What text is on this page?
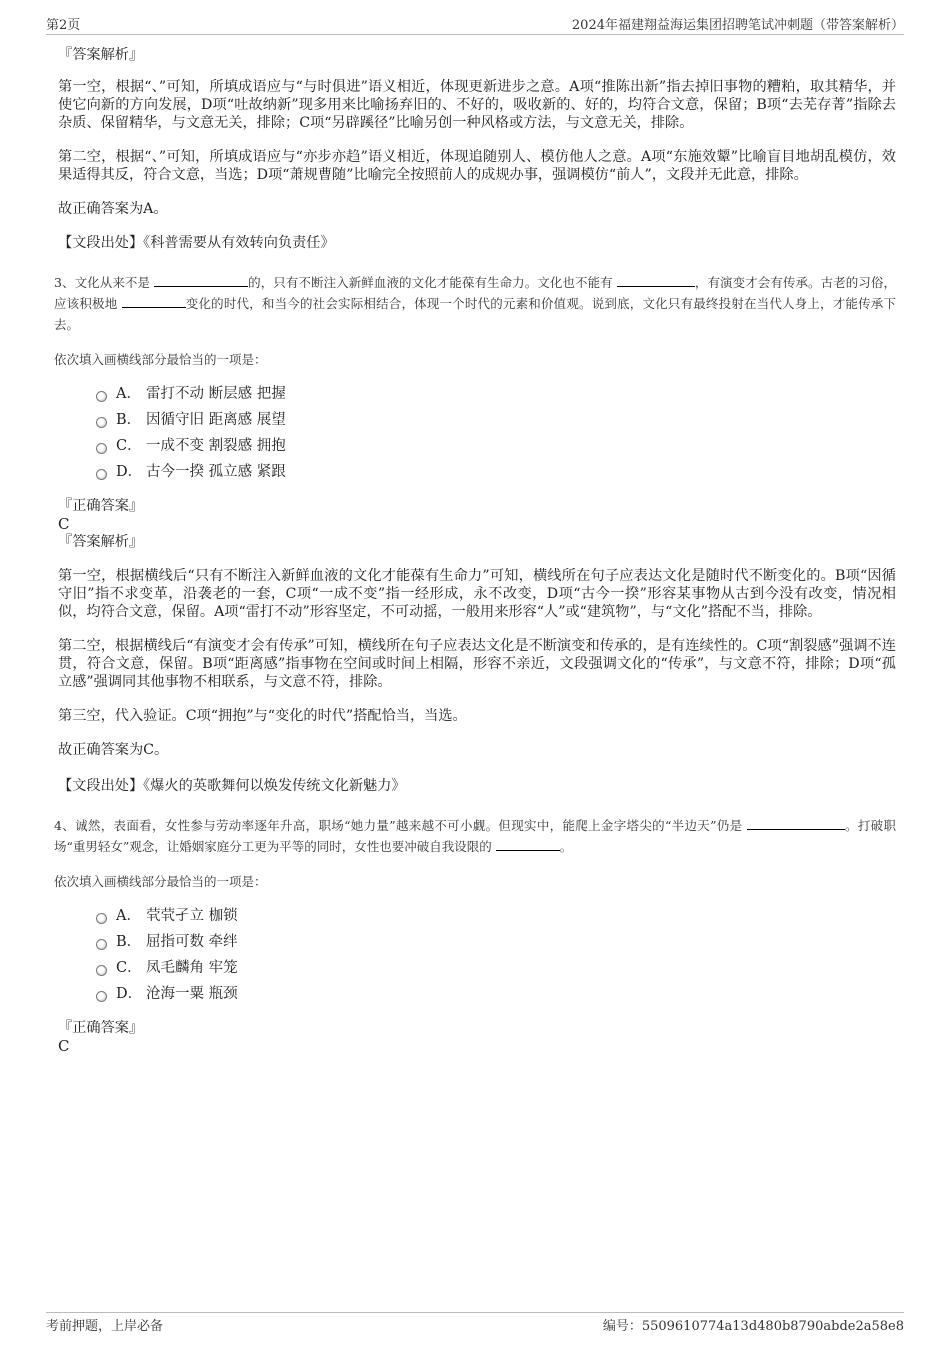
第2页	2024年福建翔益海运集团招聘笔试冲刺题（带答案解析）

『答案解析』

第一空，根据“、”可知，所填成语应与“与时俱进”语义相近，体现更新进步之意。A项“推陈出新”指去掉旧事物的糟粕，取其精华，并使它向新的方向发展，D项“吐故纳新”现多用来比喻扬弃旧的、不好的，吸收新的、好的，均符合文意，保留；B项“去芜存菁”指除去杂质、保留精华，与文意无关，排除；C项“另辟蹊径”比喻另创一种风格或方法，与文意无关，排除。

第二空，根据“、”可知，所填成语应与“亦步亦趋”语义相近，体现追随别人、模仿他人之意。A项“东施效颦”比喻盲目地胡乱模仿，效果适得其反，符合文意，当选；D项“萧规曹随”比喻完全按照前人的成规办事，强调模仿“前人”，文段并无此意，排除。

故正确答案为A。

【文段出处】《科普需要从有效转向负责任》

3、文化从来不是	的，只有不断注入新鲜血液的文化才能葆有生命力。文化也不能有	，有演变才会有传承。古老的习俗，应该积极地	变化的时代，和当今的社会实际相结合，体现一个时代的元素和价值观。说到底，文化只有最终投射在当代人身上，才能传承下去。

依次填入画横线部分最恰当的一项是：

A． 雷打不动 断层感 把握
B． 因循守旧 距离感 展望
C． 一成不变 割裂感 拥抱
D． 古今一揆 孤立感 紧跟

『正确答案』

C

『答案解析』

第一空，根据横线后“只有不断注入新鲜血液的文化才能葆有生命力”可知，横线所在句子应表达文化是随时代不断变化的。B项“因循守旧”指不求变革，沿袭老的一套，C项“一成不变”指一经形成，永不改变，D项“古今一揆”形容某事物从古到今没有改变，情况相似，均符合文意，保留。A项“雷打不动”形容坚定，不可动摇，一般用来形容“人”或“建筑物”，与“文化”搭配不当，排除。

第二空，根据横线后“有演变才会有传承”可知，横线所在句子应表达文化是不断演变和传承的，是有连续性的。C项“割裂感”强调不连贯，符合文意，保留。B项“距离感”指事物在空间或时间上相隔，形容不亲近，文段强调文化的“传承”，与文意不符，排除；D项“孤立感”强调同其他事物不相联系，与文意不符，排除。

第三空，代入验证。C项“拥抱”与“变化的时代”搭配恰当，当选。

故正确答案为C。

【文段出处】《爆火的英歌舞何以焕发传统文化新魅力》

4、诚然，表面看，女性参与劳动率逐年升高，职场“她力量”越来越不可小觑。但现实中，能爬上金字塔尖的“半边天”仍是	。打破职场“重男轻女”观念，让婚姻家庭分工更为平等的同时，女性也要冲破自我设限的	。

依次填入画横线部分最恰当的一项是：

A． 茕茕孑立 枷锁
B． 屈指可数 牵绊
C． 凤毛麟角 牢笼
D． 沧海一粟 瓶颈

『正确答案』

C

考前押题，上岸必备	编号：5509610774a13d480b8790abde2a58e8
